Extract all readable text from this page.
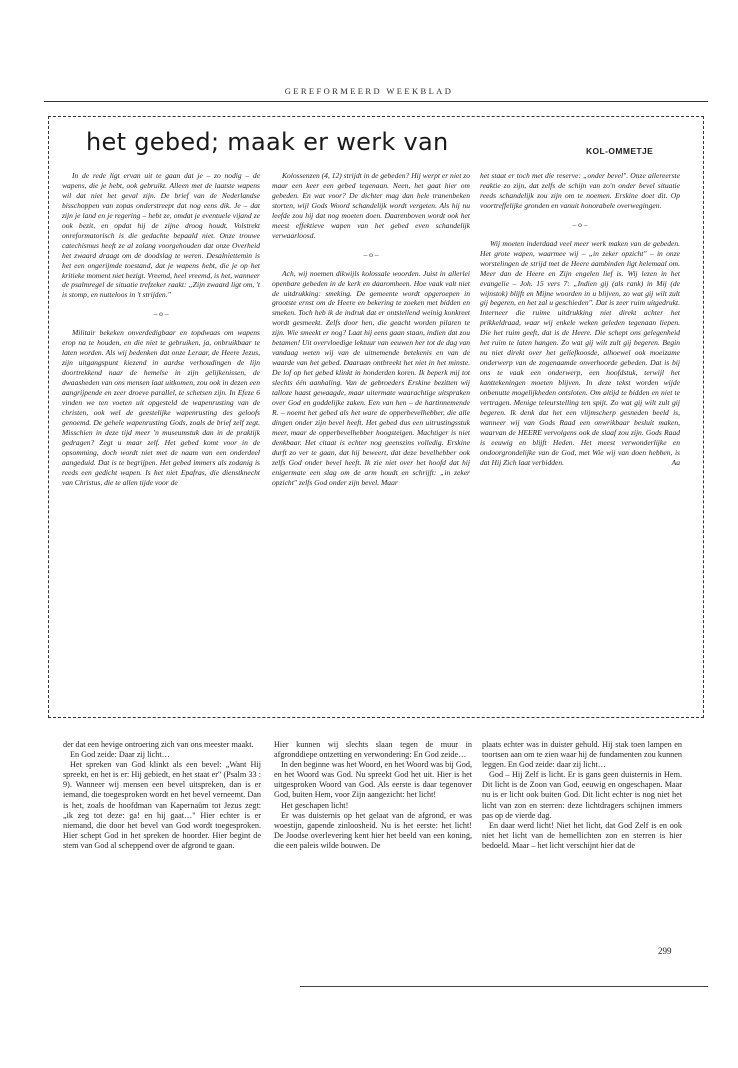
GEREFORMEERD WEEKBLAD
het gebed; maak er werk van	KOL-OMMETJE

In de rede ligt ervan uit te gaan dat je – zo nodig – de wapens, die je hebt, ook gebruikt. Alleen met de laatste wapens wil dat niet het geval zijn. De brief van de Nederlandse bisschoppen van zopas onderstreept dat nog eens dik. Je – dat zijn je land en je regering – hebt ze, omdat je eventuele vijand ze ook bezit, en opdat hij de zijne droog houdt. Volstrekt onreformatorisch is die gedachte bepaald niet. Onze trouwe catechismus heeft ze al zolang voorgehouden dat onze Overheid het zwaard draagt om de doodslag te weren. Desalniettemin is het een ongerijmde toestand, dat je wapens hebt, die je op het kritieke moment niet bezigt. Vreemd, heel vreemd, is het, wanneer de psalmregel de situatie trefzeker raakt: „Zijn zwaard ligt om, 't is stomp, en nutteloos in 't strijden."

– o –

Militair bekeken onverdedigbaar en topdwaas om wapens erop na te houden, en die niet te gebruiken, ja, onbruikbaar te laten worden. Als wij bedenken dat onze Leraar, de Heere Jezus, zijn uitgangspunt kiezend in aardse verhoudingen de lijn doortrekkend naar de hemelse in zijn gelijkenissen, de dwaasheden van ons mensen laat uitkomen, zou ook in dezen een aangrijpende en zeer droeve parallel, te schetsen zijn. In Efeze 6 vinden we ten voeten uit opgesteld de wapenrusting van de christen, ook wel de geestelijke wapenrusting des geloofs genoemd. De gehele wapenrusting Gods, zoals de brief zelf zegt. Misschien in deze tijd meer 'n museumstuk dan in de praktijk gedragen? Zegt u maar zelf. Het gebed komt voor in de opsomming, doch wordt niet met de naam van een onderdeel aangeduid. Dat is te begrijpen. Het gebed immers als zodanig is reeds een gedicht wapen. Is het niet Epafras, die dienstknecht van Christus, die te allen tijde voor de

Kolossenzen (4, 12) strijdt in de gebeden? Hij werpt er niet zo maar een keer een gebed tegenaan. Neen, het gaat hier om gebeden. En wat voor? De dichter mag dan hele tranenbeken storten, wijl Gods Woord schandelijk wordt vergeten. Als hij nu leefde zou hij dat nog moeten doen. Daarenboven wordt ook het meest effektieve wapen van het gebed even schandelijk verwaarloosd.

– o –

Ach, wij noemen dikwijls kolossale woorden. Juist in allerlei openbare gebeden in de kerk en daaromheen. Hoe vaak valt niet de uitdrukking: smeking. De gemeente wordt opgeroepen in grootste ernst om de Heere en bekering te zoeken met bidden en smeken. Toch heb ik de indruk dat er ontstellend weinig konkreet wordt gesmeekt. Zelfs door hen, die geacht worden pilaren te zijn. Wie smeekt er nog? Laat hij eens gaan staan, indien dat zou betamen! Uit overvloedige lektuur van eeuwen her tot de dag van vandaag weten wij van de uitnemende betekenis en van de waarde van het gebed. Daaraan ontbreekt het niet in het minste. De lof op het gebed klinkt in honderden koren. Ik beperk mij tot slechts één aanhaling. Van de gebroeders Erskine bezitten wij talloze haast gewaagde, maar uitermate waarachtige uitspraken over God en goddelijke zaken. Een van hen – de hartinnemende R. – noemt het gebed als het ware de opperbevelhebber, die alle dingen onder zijn bevel heeft. Het gebed dus een uitrustingsstuk meer, maar de opperbevelhebber hoogsteigen. Machtiger is niet denkbaar. Het citaat is echter nog geenszins volledig. Erskine durft zo ver te gaan, dat hij beweert, dat deze bevelhebber ook zelfs God onder bevel heeft. Ik zie niet over het hoofd dat hij enigermate een slag om de arm houdt en schrijft: „in zeker opzicht" zelfs God onder zijn bevel. Maar

het staat er toch met die reserve: „onder bevel". Onze allereerste reaktie zo zijn, dat zelfs de schijn van zo'n onder bevel situatie reeds schandelijk zou zijn om te noemen. Erskine doet dit. Op voortreffelijke gronden en vanuit honorabele overwegingen.

– o –

Wij moeten inderdaad veel meer werk maken van de gebeden. Het grote wapen, waarmee wij – „in zeker opzicht" – in onze worstelingen de strijd met de Heere aambinden ligt helemaal om. Meer dan de Heere en Zijn engelen lief is. Wij lezen in het evangelie – Joh. 15 vers 7: „Indien gij (als rank) in Mij (de wijnstok) blijft en Mijne woorden in u blijven, zo wat gij wilt zult gij begeren, en het zal u geschieden". Dat is zeer ruim uitgedrukt. Interneer die ruime uitdrukking niet direkt achter het prikkeldraad, waar wij enkele weken geleden tegenaan liepen. Die het ruim geeft, dat is de Heere. Die schept ons gelegenheid het ruim te laten hangen. Zo wat gij wilt zult gij begeren. Begin nu niet direkt over het geliefkoosde, alhoewel ook moeizame onderwerp van de zogenaamde onverhoorde gebeden. Dat is bij ons te vaak een onderwerp, een hoofdstuk, terwijl het kanttekeningen moeten blijven. In deze tekst worden wijde onbenutte mogelijkheden ontsloten. Om altijd te bidden en niet te vertragen. Menige teleurstelling ten spijt. Zo wat gij wilt zult gij begeren. Ik denk dat het een vlijmscherp gesneden beeld is, wanneer wij van Gods Raad een onwrikbaar besluit maken, waarvan de HEERE vervolgens ook de slaaf zou zijn. Gods Raad is eeuwig en blijft Heden. Het meest verwonderlijke en ondoorgrondelijke van de God, met Wie wij van doen hebben, is dat Hij Zich laat verbidden.	Aa

der dat een hevige ontroering zich van ons meester maakt.

En God zeide: Daar zij licht…

Het spreken van God klinkt als een bevel: „Want Hij spreekt, en het is er: Hij gebiedt, en het staat er" (Psalm 33 : 9). Wanneer wij mensen een bevel uitspreken, dan is er iemand, die toegesproken wordt en het bevel verneemt. Dan is het, zoals de hoofdman van Kapernaüm tot Jezus zegt: „ik zeg tot deze: ga! en hij gaat…" Hier echter is er niemand, die door het bevel van God wordt toegesproken. Hier schept God in het spreken de hoorder. Hier begint de stem van God al scheppend over de afgrond te gaan.

Hier kunnen wij slechts slaan tegen de muur in afgronddiepe ontzetting en verwondering: En God zeide…

In den beginne was het Woord, en het Woord was bij God, en het Woord was God. Nu spreekt God het uit. Hier is het uitgesproken Woord van God. Als eerste is daar tegenover God, buiten Hem, voor Zijn aangezicht: het licht!

Het geschapen licht!

Er was duisternis op het gelaat van de afgrond, er was woestijn, gapende zinloosheid. Nu is het eerste: het licht! De Joodse overlevering kent hier het beeld van een koning, die een paleis wilde bouwen. De

plaats echter was in duister gehuld. Hij stak toen lampen en toortsen aan om te zien waar hij de fundamenten zou kunnen leggen. En God zeide: daar zij licht…

God – Hij Zelf is licht. Er is gans geen duisternis in Hem. Dit licht is de Zoon van God, eeuwig en ongeschapen. Maar nu is er licht ook buiten God. Dit licht echter is nog niet het licht van zon en sterren: deze lichtdragers schijnen immers pas op de vierde dag.

En daar werd licht! Niet het licht, dat God Zelf is en ook niet het licht van de hemellichten zon en sterren is hier bedoeld. Maar – het licht verschijnt hier dat de

299
